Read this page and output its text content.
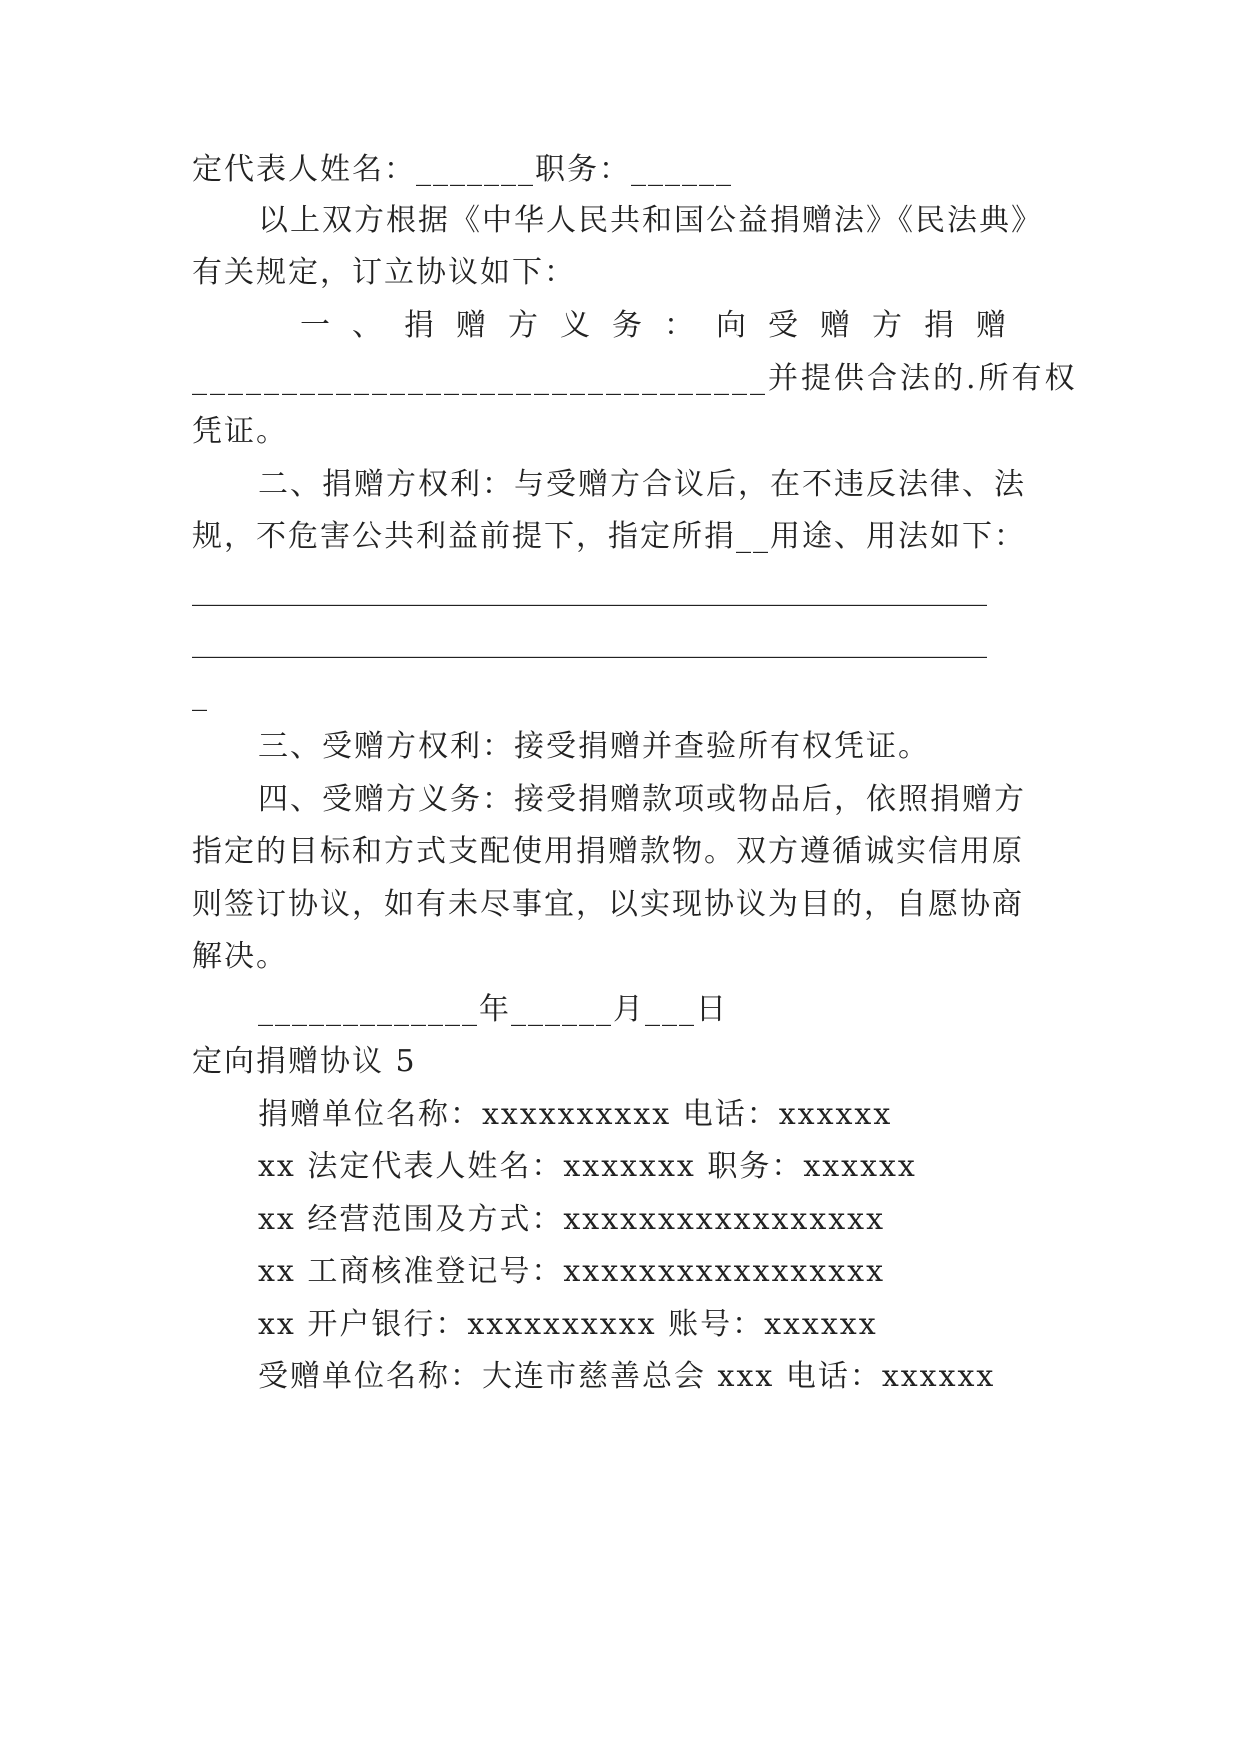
定代表人姓名：_______职务：______
以上双方根据《中华人民共和国公益捐赠法》《民法典》
有关规定，订立协议如下：
一、捐赠方义务：向受赠方捐赠
________________________________并提供合法的.所有权
凭证。
二、捐赠方权利：与受赠方合议后，在不违反法律、法
规，不危害公共利益前提下，指定所捐__用途、用法如下：
_____________________________________________________
_____________________________________________________
_
三、受赠方权利：接受捐赠并查验所有权凭证。
四、受赠方义务：接受捐赠款项或物品后，依照捐赠方
指定的目标和方式支配使用捐赠款物。双方遵循诚实信用原
则签订协议，如有未尽事宜，以实现协议为目的，自愿协商
解决。
_____________年______月___日
定向捐赠协议 5
捐赠单位名称：xxxxxxxxxx 电话：xxxxxx
xx 法定代表人姓名：xxxxxxx 职务：xxxxxx
xx 经营范围及方式：xxxxxxxxxxxxxxxxx
xx 工商核准登记号：xxxxxxxxxxxxxxxxx
xx 开户银行：xxxxxxxxxx 账号：xxxxxx
受赠单位名称：大连市慈善总会 xxx 电话：xxxxxx
